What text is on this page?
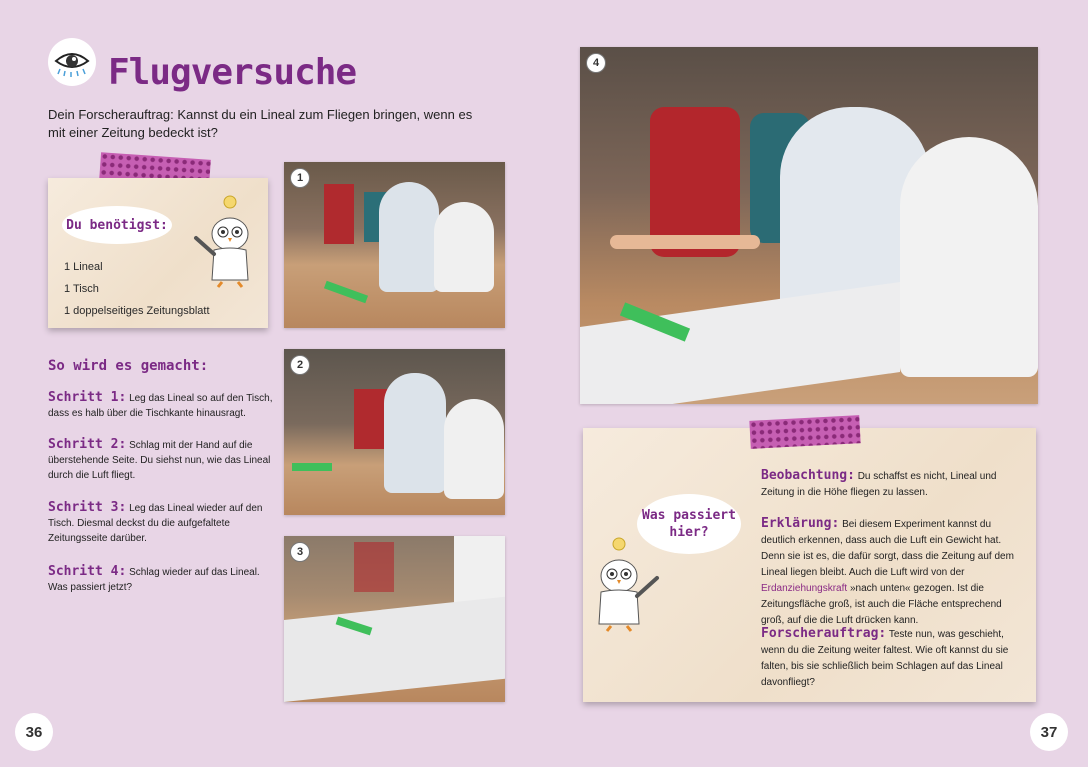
Flugversuche

Dein Forscherauftrag: Kannst du ein Lineal zum Fliegen bringen, wenn es mit einer Zeitung bedeckt ist?

Du benötigst:
1 Lineal
1 Tisch
1 doppelseitiges Zeitungsblatt
1
2
3
So wird es gemacht:
Schritt 1: Leg das Lineal so auf den Tisch, dass es halb über die Tischkante hinausragt.
Schritt 2: Schlag mit der Hand auf die überstehende Seite. Du siehst nun, wie das Lineal durch die Luft fliegt.
Schritt 3: Leg das Lineal wieder auf den Tisch. Diesmal deckst du die aufgefaltete Zeitungsseite darüber.
Schritt 4: Schlag wieder auf das Lineal. Was passiert jetzt?
4
Was passiert hier?
Beobachtung: Du schaffst es nicht, Lineal und Zeitung in die Höhe fliegen zu lassen.
Erklärung: Bei diesem Experiment kannst du deutlich erkennen, dass auch die Luft ein Gewicht hat. Denn sie ist es, die dafür sorgt, dass die Zeitung auf dem Lineal liegen bleibt. Auch die Luft wird von der Erdanziehungskraft »nach unten« gezogen. Ist die Zeitungsfläche groß, ist auch die Fläche entsprechend groß, auf die die Luft drücken kann.
Forscherauftrag: Teste nun, was geschieht, wenn du die Zeitung weiter faltest. Wie oft kannst du sie falten, bis sie schließlich beim Schlagen auf das Lineal davonfliegt?
36	37
